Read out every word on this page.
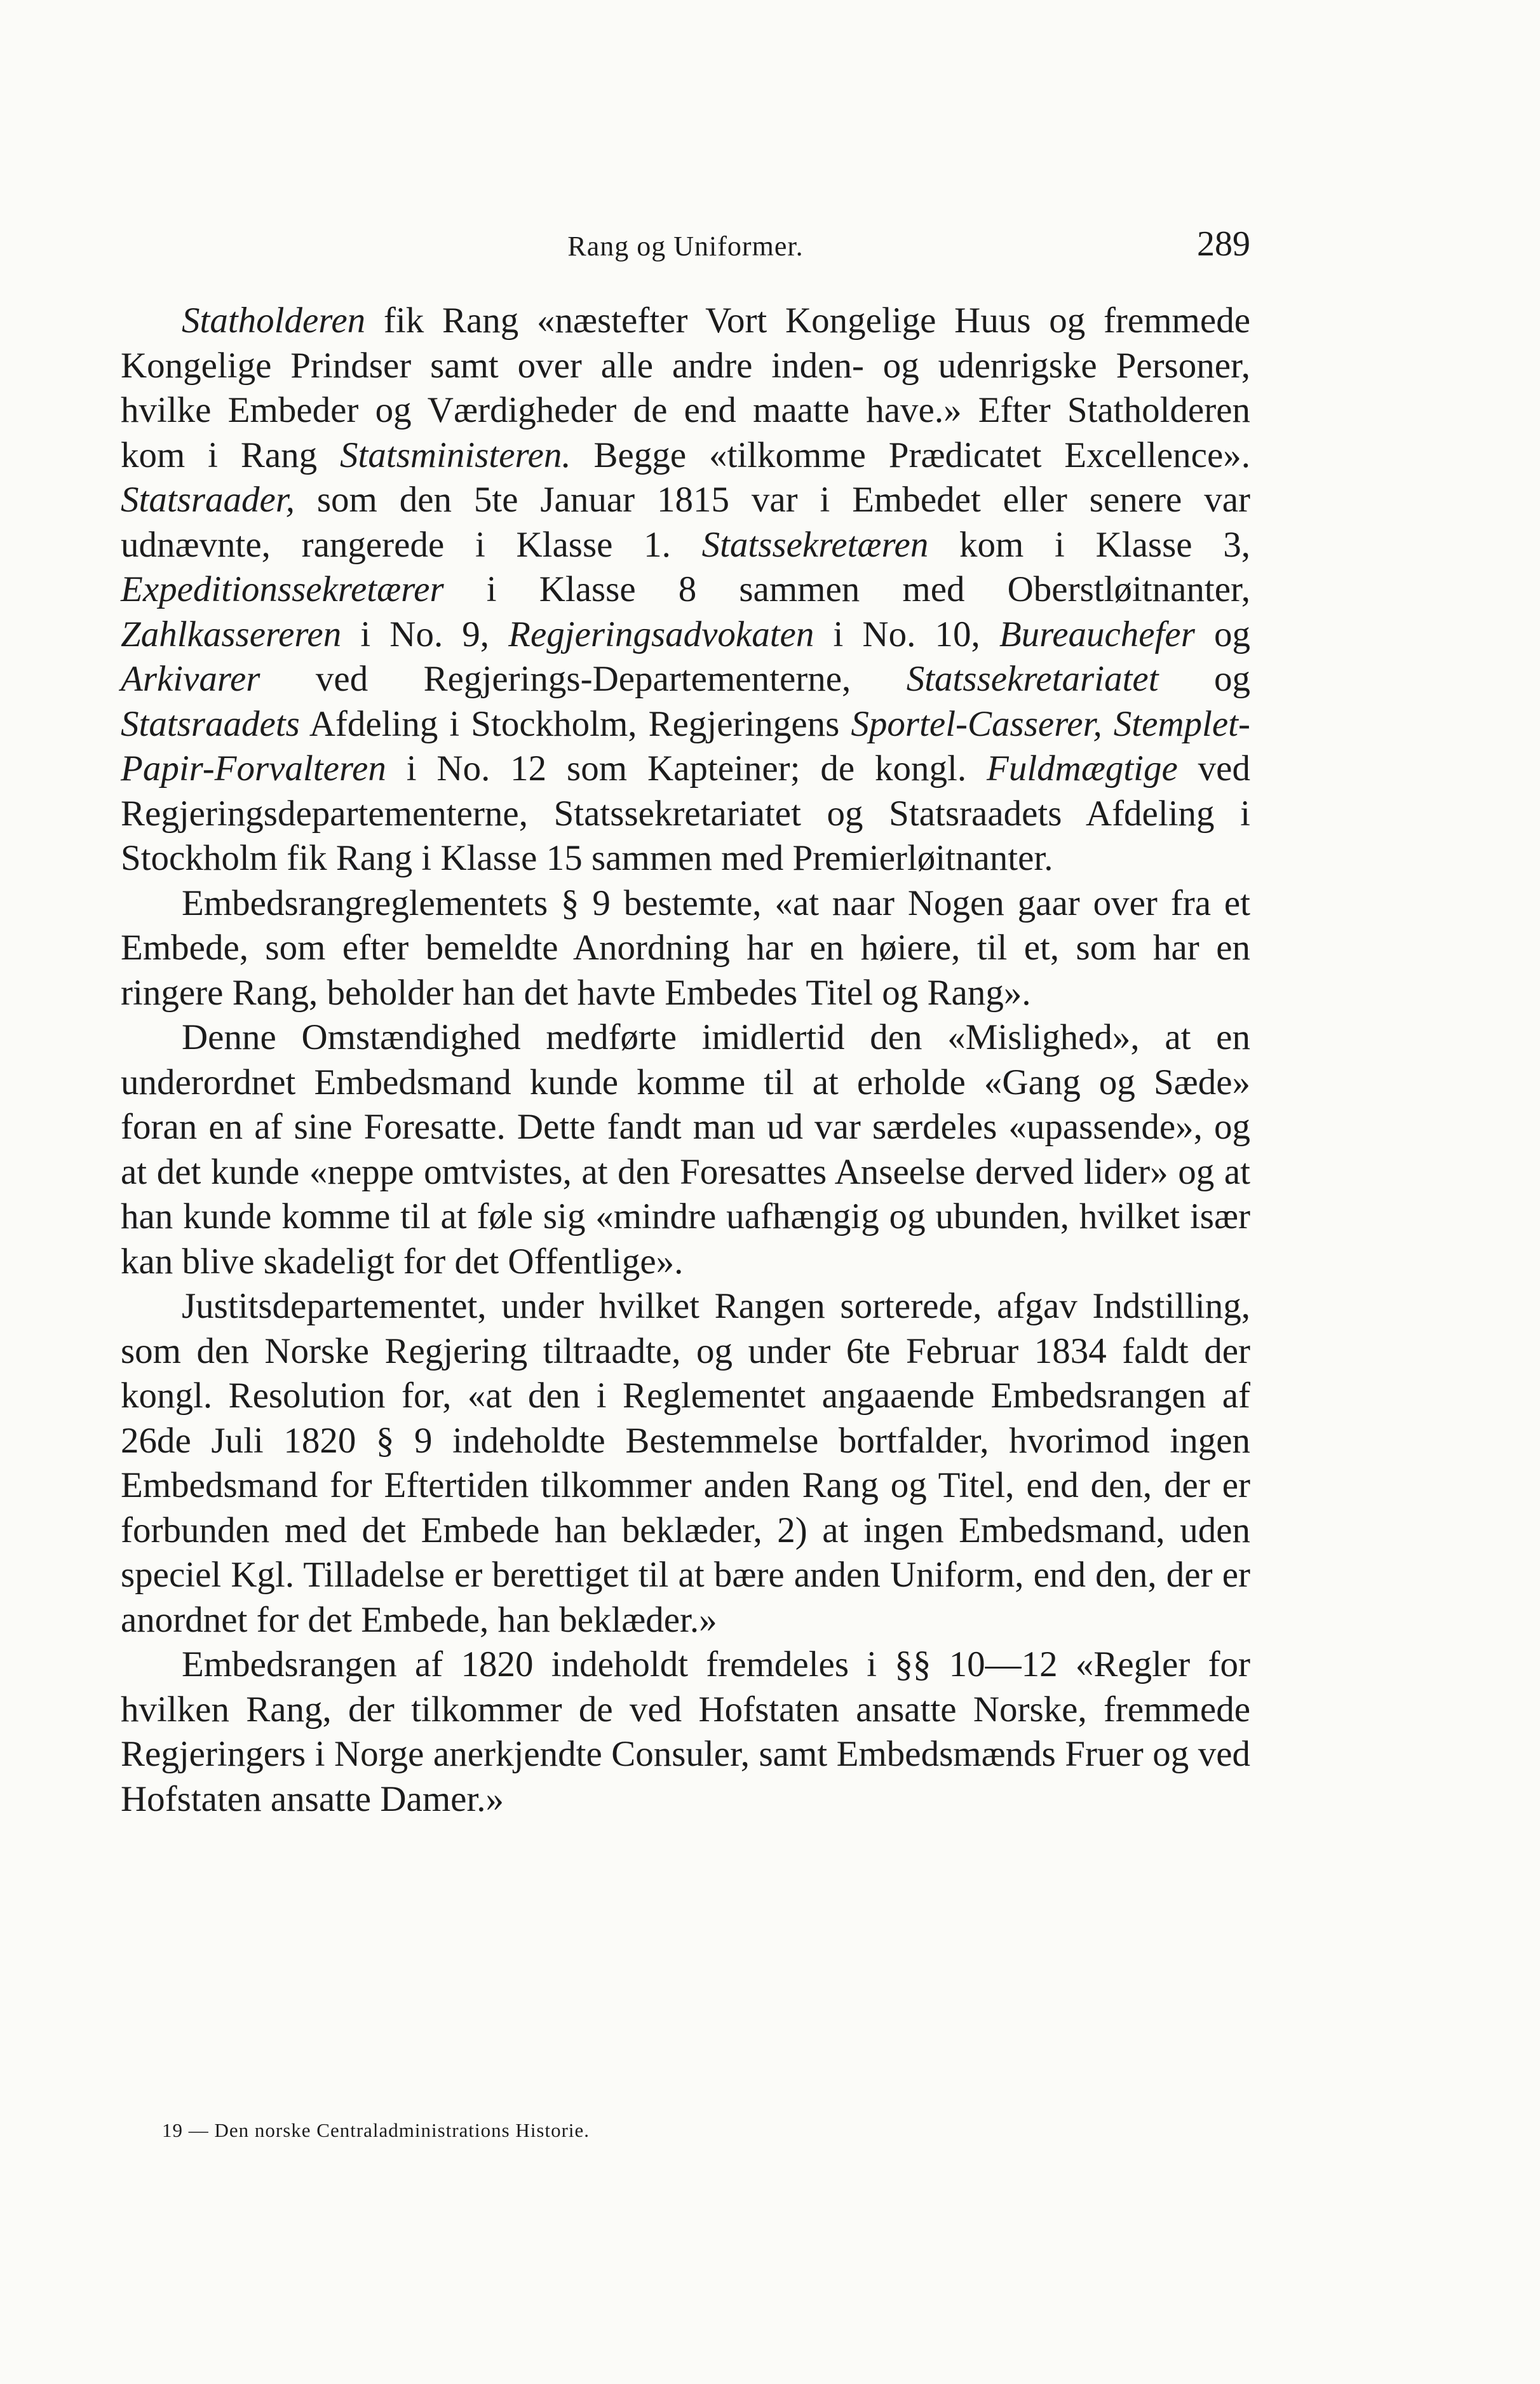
Rang og Uniformer.	289

Statholderen fik Rang «næstefter Vort Kongelige Huus og fremmede Kongelige Prindser samt over alle andre inden- og udenrigske Personer, hvilke Embeder og Værdigheder de end maatte have.» Efter Statholderen kom i Rang Statsministeren. Begge «tilkomme Prædicatet Excellence». Statsraader, som den 5te Januar 1815 var i Embedet eller senere var udnævnte, rangerede i Klasse 1. Statssekretæren kom i Klasse 3, Expeditionssekretærer i Klasse 8 sammen med Oberstløitnanter, Zahlkassereren i No. 9, Regjeringsadvokaten i No. 10, Bureauchefer og Arkivarer ved Regjerings-Departementerne, Statssekretariatet og Statsraadets Afdeling i Stockholm, Regjeringens Sportel-Casserer, Stemplet-Papir-Forvalteren i No. 12 som Kapteiner; de kongl. Fuldmægtige ved Regjeringsdepartementerne, Statssekretariatet og Statsraadets Afdeling i Stockholm fik Rang i Klasse 15 sammen med Premierløitnanter.

Embedsrangreglementets § 9 bestemte, «at naar Nogen gaar over fra et Embede, som efter bemeldte Anordning har en høiere, til et, som har en ringere Rang, beholder han det havte Embedes Titel og Rang».

Denne Omstændighed medførte imidlertid den «Mislighed», at en underordnet Embedsmand kunde komme til at erholde «Gang og Sæde» foran en af sine Foresatte. Dette fandt man ud var særdeles «upassende», og at det kunde «neppe omtvistes, at den Foresattes Anseelse derved lider» og at han kunde komme til at føle sig «mindre uafhængig og ubunden, hvilket især kan blive skadeligt for det Offentlige».

Justitsdepartementet, under hvilket Rangen sorterede, afgav Indstilling, som den Norske Regjering tiltraadte, og under 6te Februar 1834 faldt der kongl. Resolution for, «at den i Reglementet angaaende Embedsrangen af 26de Juli 1820 § 9 indeholdte Bestemmelse bortfalder, hvorimod ingen Embedsmand for Eftertiden tilkommer anden Rang og Titel, end den, der er forbunden med det Embede han beklæder, 2) at ingen Embedsmand, uden speciel Kgl. Tilladelse er berettiget til at bære anden Uniform, end den, der er anordnet for det Embede, han beklæder.»

Embedsrangen af 1820 indeholdt fremdeles i §§ 10—12 «Regler for hvilken Rang, der tilkommer de ved Hofstaten ansatte Norske, fremmede Regjeringers i Norge anerkjendte Consuler, samt Embedsmænds Fruer og ved Hofstaten ansatte Damer.»

19 — Den norske Centraladministrations Historie.
